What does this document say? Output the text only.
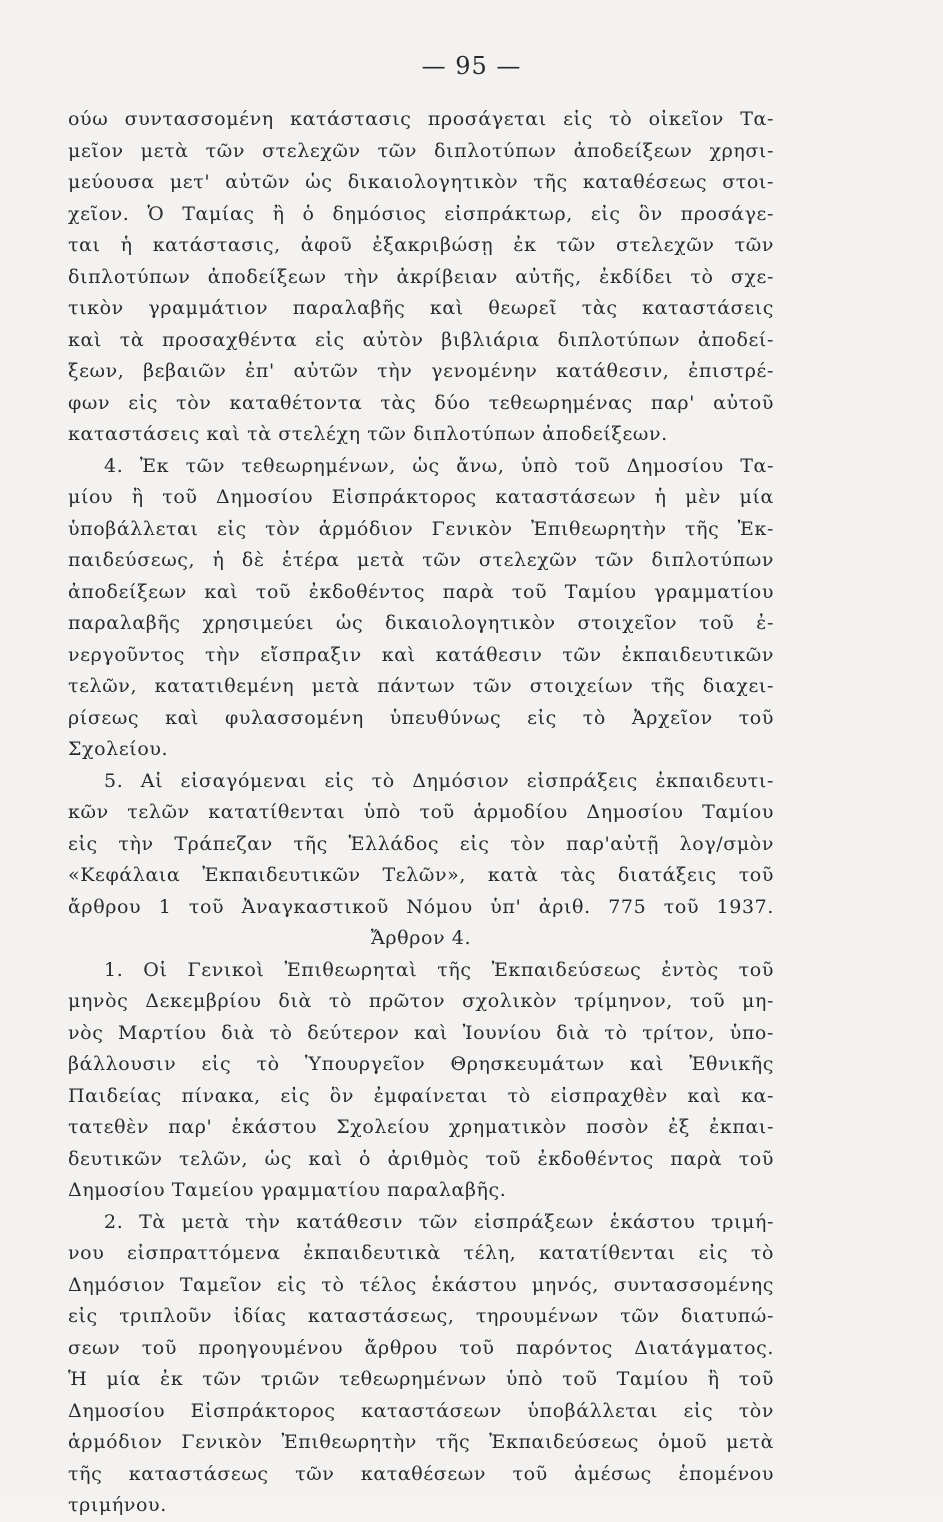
— 95 —
ούω συντασσομένη κατάστασις προσάγεται εἰς τὸ οἰκεῖον Τα-
μεῖον μετὰ τῶν στελεχῶν τῶν διπλοτύπων ἀποδείξεων χρησι-
μεύουσα μετ' αὐτῶν ὡς δικαιολογητικὸν τῆς καταθέσεως στοι-
χεῖον. Ὁ Ταμίας ἢ ὁ δημόσιος εἰσπράκτωρ, εἰς ὃν προσάγε-
ται ἡ κατάστασις, ἀφοῦ ἐξακριβώσῃ ἐκ τῶν στελεχῶν τῶν
διπλοτύπων ἀποδείξεων τὴν ἀκρίβειαν αὐτῆς, ἐκδίδει τὸ σχε-
τικὸν γραμμάτιον παραλαβῆς καὶ θεωρεῖ τὰς καταστάσεις
καὶ τὰ προσαχθέντα εἰς αὐτὸν βιβλιάρια διπλοτύπων ἀποδεί-
ξεων, βεβαιῶν ἐπ' αὐτῶν τὴν γενομένην κατάθεσιν, ἐπιστρέ-
φων εἰς τὸν καταθέτοντα τὰς δύο τεθεωρημένας παρ' αὐτοῦ
καταστάσεις καὶ τὰ στελέχη τῶν διπλοτύπων ἀποδείξεων.
4. Ἐκ τῶν τεθεωρημένων, ὡς ἄνω, ὑπὸ τοῦ Δημοσίου Τα-
μίου ἢ τοῦ Δημοσίου Εἰσπράκτορος καταστάσεων ἡ μὲν μία
ὑποβάλλεται εἰς τὸν ἁρμόδιον Γενικὸν Ἐπιθεωρητὴν τῆς Ἐκ-
παιδεύσεως, ἡ δὲ ἑτέρα μετὰ τῶν στελεχῶν τῶν διπλοτύπων
ἀποδείξεων καὶ τοῦ ἐκδοθέντος παρὰ τοῦ Ταμίου γραμματίου
παραλαβῆς χρησιμεύει ὡς δικαιολογητικὸν στοιχεῖον τοῦ ἐ-
νεργοῦντος τὴν εἴσπραξιν καὶ κατάθεσιν τῶν ἐκπαιδευτικῶν
τελῶν, κατατιθεμένη μετὰ πάντων τῶν στοιχείων τῆς διαχει-
ρίσεως καὶ φυλασσομένη ὑπευθύνως εἰς τὸ Ἀρχεῖον τοῦ
Σχολείου.
5. Αἱ εἰσαγόμεναι εἰς τὸ Δημόσιον εἰσπράξεις ἐκπαιδευτι-
κῶν τελῶν κατατίθενται ὑπὸ τοῦ ἁρμοδίου Δημοσίου Ταμίου
εἰς τὴν Τράπεζαν τῆς Ἑλλάδος εἰς τὸν παρ'αὐτῇ λογ/σμὸν
«Κεφάλαια Ἐκπαιδευτικῶν Τελῶν», κατὰ τὰς διατάξεις τοῦ
ἄρθρου 1 τοῦ Ἀναγκαστικοῦ Νόμου ὑπ' ἀριθ. 775 τοῦ 1937.
Ἄρθρον 4.
1. Οἱ Γενικοὶ Ἐπιθεωρηταὶ τῆς Ἐκπαιδεύσεως ἐντὸς τοῦ
μηνὸς Δεκεμβρίου διὰ τὸ πρῶτον σχολικὸν τρίμηνον, τοῦ μη-
νὸς Μαρτίου διὰ τὸ δεύτερον καὶ Ἰουνίου διὰ τὸ τρίτον, ὑπο-
βάλλουσιν εἰς τὸ Ὑπουργεῖον Θρησκευμάτων καὶ Ἐθνικῆς
Παιδείας πίνακα, εἰς ὃν ἐμφαίνεται τὸ εἰσπραχθὲν καὶ κα-
τατεθὲν παρ' ἑκάστου Σχολείου χρηματικὸν ποσὸν ἐξ ἐκπαι-
δευτικῶν τελῶν, ὡς καὶ ὁ ἀριθμὸς τοῦ ἐκδοθέντος παρὰ τοῦ
Δημοσίου Ταμείου γραμματίου παραλαβῆς.
2. Τὰ μετὰ τὴν κατάθεσιν τῶν εἰσπράξεων ἑκάστου τριμή-
νου εἰσπραττόμενα ἐκπαιδευτικὰ τέλη, κατατίθενται εἰς τὸ
Δημόσιον Ταμεῖον εἰς τὸ τέλος ἑκάστου μηνός, συντασσομένης
εἰς τριπλοῦν ἰδίας καταστάσεως, τηρουμένων τῶν διατυπώ-
σεων τοῦ προηγουμένου ἄρθρου τοῦ παρόντος Διατάγματος.
Ἡ μία ἐκ τῶν τριῶν τεθεωρημένων ὑπὸ τοῦ Ταμίου ἢ τοῦ
Δημοσίου Εἰσπράκτορος καταστάσεων ὑποβάλλεται εἰς τὸν
ἁρμόδιον Γενικὸν Ἐπιθεωρητὴν τῆς Ἐκπαιδεύσεως ὁμοῦ μετὰ
τῆς καταστάσεως τῶν καταθέσεων τοῦ ἀμέσως ἑπομένου
τριμήνου.
